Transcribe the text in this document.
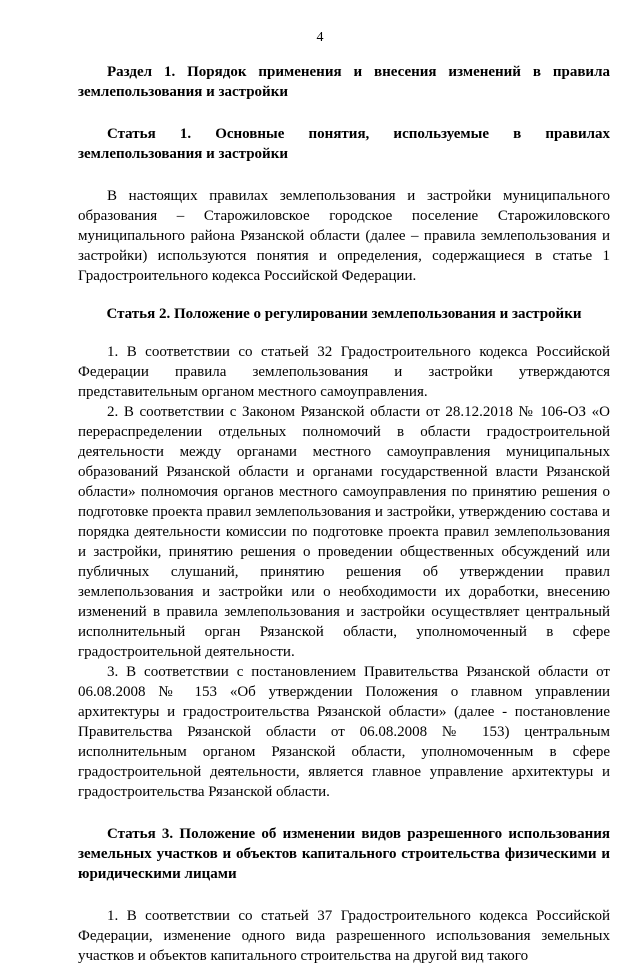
4

Раздел 1. Порядок применения и внесения изменений в правила землепользования и застройки

Статья 1. Основные понятия, используемые в правилах землепользования и застройки

В настоящих правилах землепользования и застройки муниципального образования – Старожиловское городское поселение Старожиловского муниципального района Рязанской области (далее – правила землепользования и застройки) используются понятия и определения, содержащиеся в статье 1 Градостроительного кодекса Российской Федерации.

Статья 2. Положение о регулировании землепользования и застройки

1. В соответствии со статьей 32 Градостроительного кодекса Российской Федерации правила землепользования и застройки утверждаются представительным органом местного самоуправления.

2. В соответствии с Законом Рязанской области от 28.12.2018 № 106-ОЗ «О перераспределении отдельных полномочий в области градостроительной деятельности между органами местного самоуправления муниципальных образований Рязанской области и органами государственной власти Рязанской области» полномочия органов местного самоуправления по принятию решения о подготовке проекта правил землепользования и застройки, утверждению состава и порядка деятельности комиссии по подготовке проекта правил землепользования и застройки, принятию решения о проведении общественных обсуждений или публичных слушаний, принятию решения об утверждении правил землепользования и застройки или о необходимости их доработки, внесению изменений в правила землепользования и застройки осуществляет центральный исполнительный орган Рязанской области, уполномоченный в сфере градостроительной деятельности.

3. В соответствии с постановлением Правительства Рязанской области от 06.08.2008 № 153 «Об утверждении Положения о главном управлении архитектуры и градостроительства Рязанской области» (далее - постановление Правительства Рязанской области от 06.08.2008 № 153) центральным исполнительным органом Рязанской области, уполномоченным в сфере градостроительной деятельности, является главное управление архитектуры и градостроительства Рязанской области.

Статья 3. Положение об изменении видов разрешенного использования земельных участков и объектов капитального строительства физическими и юридическими лицами

1. В соответствии со статьей 37 Градостроительного кодекса Российской Федерации, изменение одного вида разрешенного использования земельных участков и объектов капитального строительства на другой вид такого
